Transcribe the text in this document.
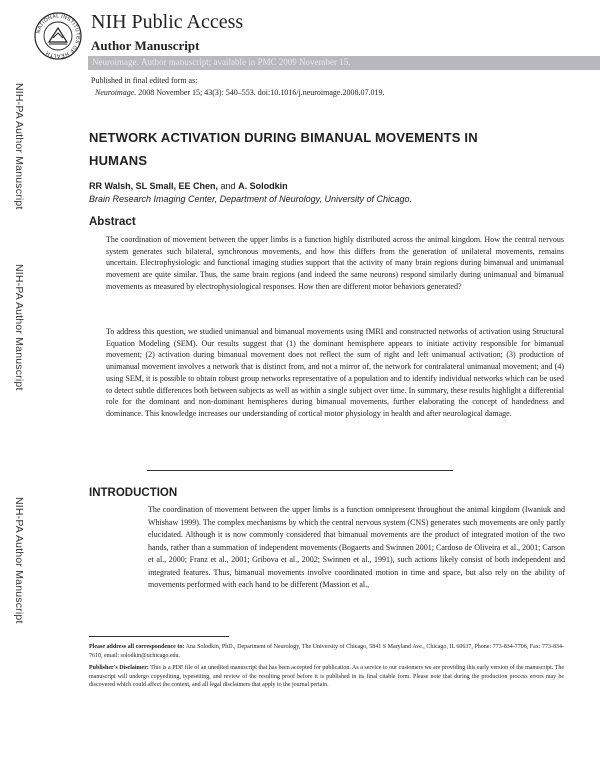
NATIONAL INSTITUTES OF HEALTH
NIH Public Access
Author Manuscript
Neuroimage. Author manuscript; available in PMC 2009 November 15.
Published in final edited form as:
Neuroimage. 2008 November 15; 43(3): 540–553. doi:10.1016/j.neuroimage.2008.07.019.
NIH-PA Author Manuscript
NIH-PA Author Manuscript
NIH-PA Author Manuscript
NETWORK ACTIVATION DURING BIMANUAL MOVEMENTS IN HUMANS
RR Walsh, SL Small, EE Chen, and A. Solodkin
Brain Research Imaging Center, Department of Neurology, University of Chicago.
Abstract
The coordination of movement between the upper limbs is a function highly distributed across the animal kingdom. How the central nervous system generates such bilateral, synchronous movements, and how this differs from the generation of unilateral movements, remains uncertain. Electrophysiologic and functional imaging studies support that the activity of many brain regions during bimanual and unimanual movement are quite similar. Thus, the same brain regions (and indeed the same neurons) respond similarly during unimanual and bimanual movements as measured by electrophysiological responses. How then are different motor behaviors generated?
To address this question, we studied unimanual and bimanual movements using fMRI and constructed networks of activation using Structural Equation Modeling (SEM). Our results suggest that (1) the dominant hemisphere appears to initiate activity responsible for bimanual movement; (2) activation during bimanual movement does not reflect the sum of right and left unimanual activation; (3) production of unimanual movement involves a network that is distinct from, and not a mirror of, the network for contralateral unimanual movement; and (4) using SEM, it is possible to obtain robust group networks representative of a population and to identify individual networks which can be used to detect subtle differences both between subjects as well as within a single subject over time. In summary, these results highlight a differential role for the dominant and non-dominant hemispheres during bimanual movements, further elaborating the concept of handedness and dominance. This knowledge increases our understanding of cortical motor physiology in health and after neurological damage.
INTRODUCTION
The coordination of movement between the upper limbs is a function omnipresent throughout the animal kingdom (Iwaniuk and Whishaw 1999). The complex mechanisms by which the central nervous system (CNS) generates such movements are only partly elucidated. Although it is now commonly considered that bimanual movements are the product of integrated motion of the two hands, rather than a summation of independent movements (Bogaerts and Swinnen 2001; Cardoso de Oliveira et al., 2001; Carson et al., 2000; Franz et al., 2001; Gribova et al., 2002; Swinnen et al., 1991), such actions likely consist of both independent and integrated features. Thus, bimanual movements involve coordinated motion in time and space, but also rely on the ability of movements performed with each hand to be different (Massion et al.,
Please address all correspondence to: Ana Solodkin, PhD., Department of Neurology, The University of Chicago, 5841 S Maryland Ave., Chicago, IL 60637, Phone: 773-834-7706, Fax: 773-834-7610, email: solodkin@uchicago.edu.
Publisher's Disclaimer: This is a PDF file of an unedited manuscript that has been accepted for publication. As a service to our customers we are providing this early version of the manuscript. The manuscript will undergo copyediting, typesetting, and review of the resulting proof before it is published in its final citable form. Please note that during the production process errors may be discovered which could affect the content, and all legal disclaimers that apply to the journal pertain.
